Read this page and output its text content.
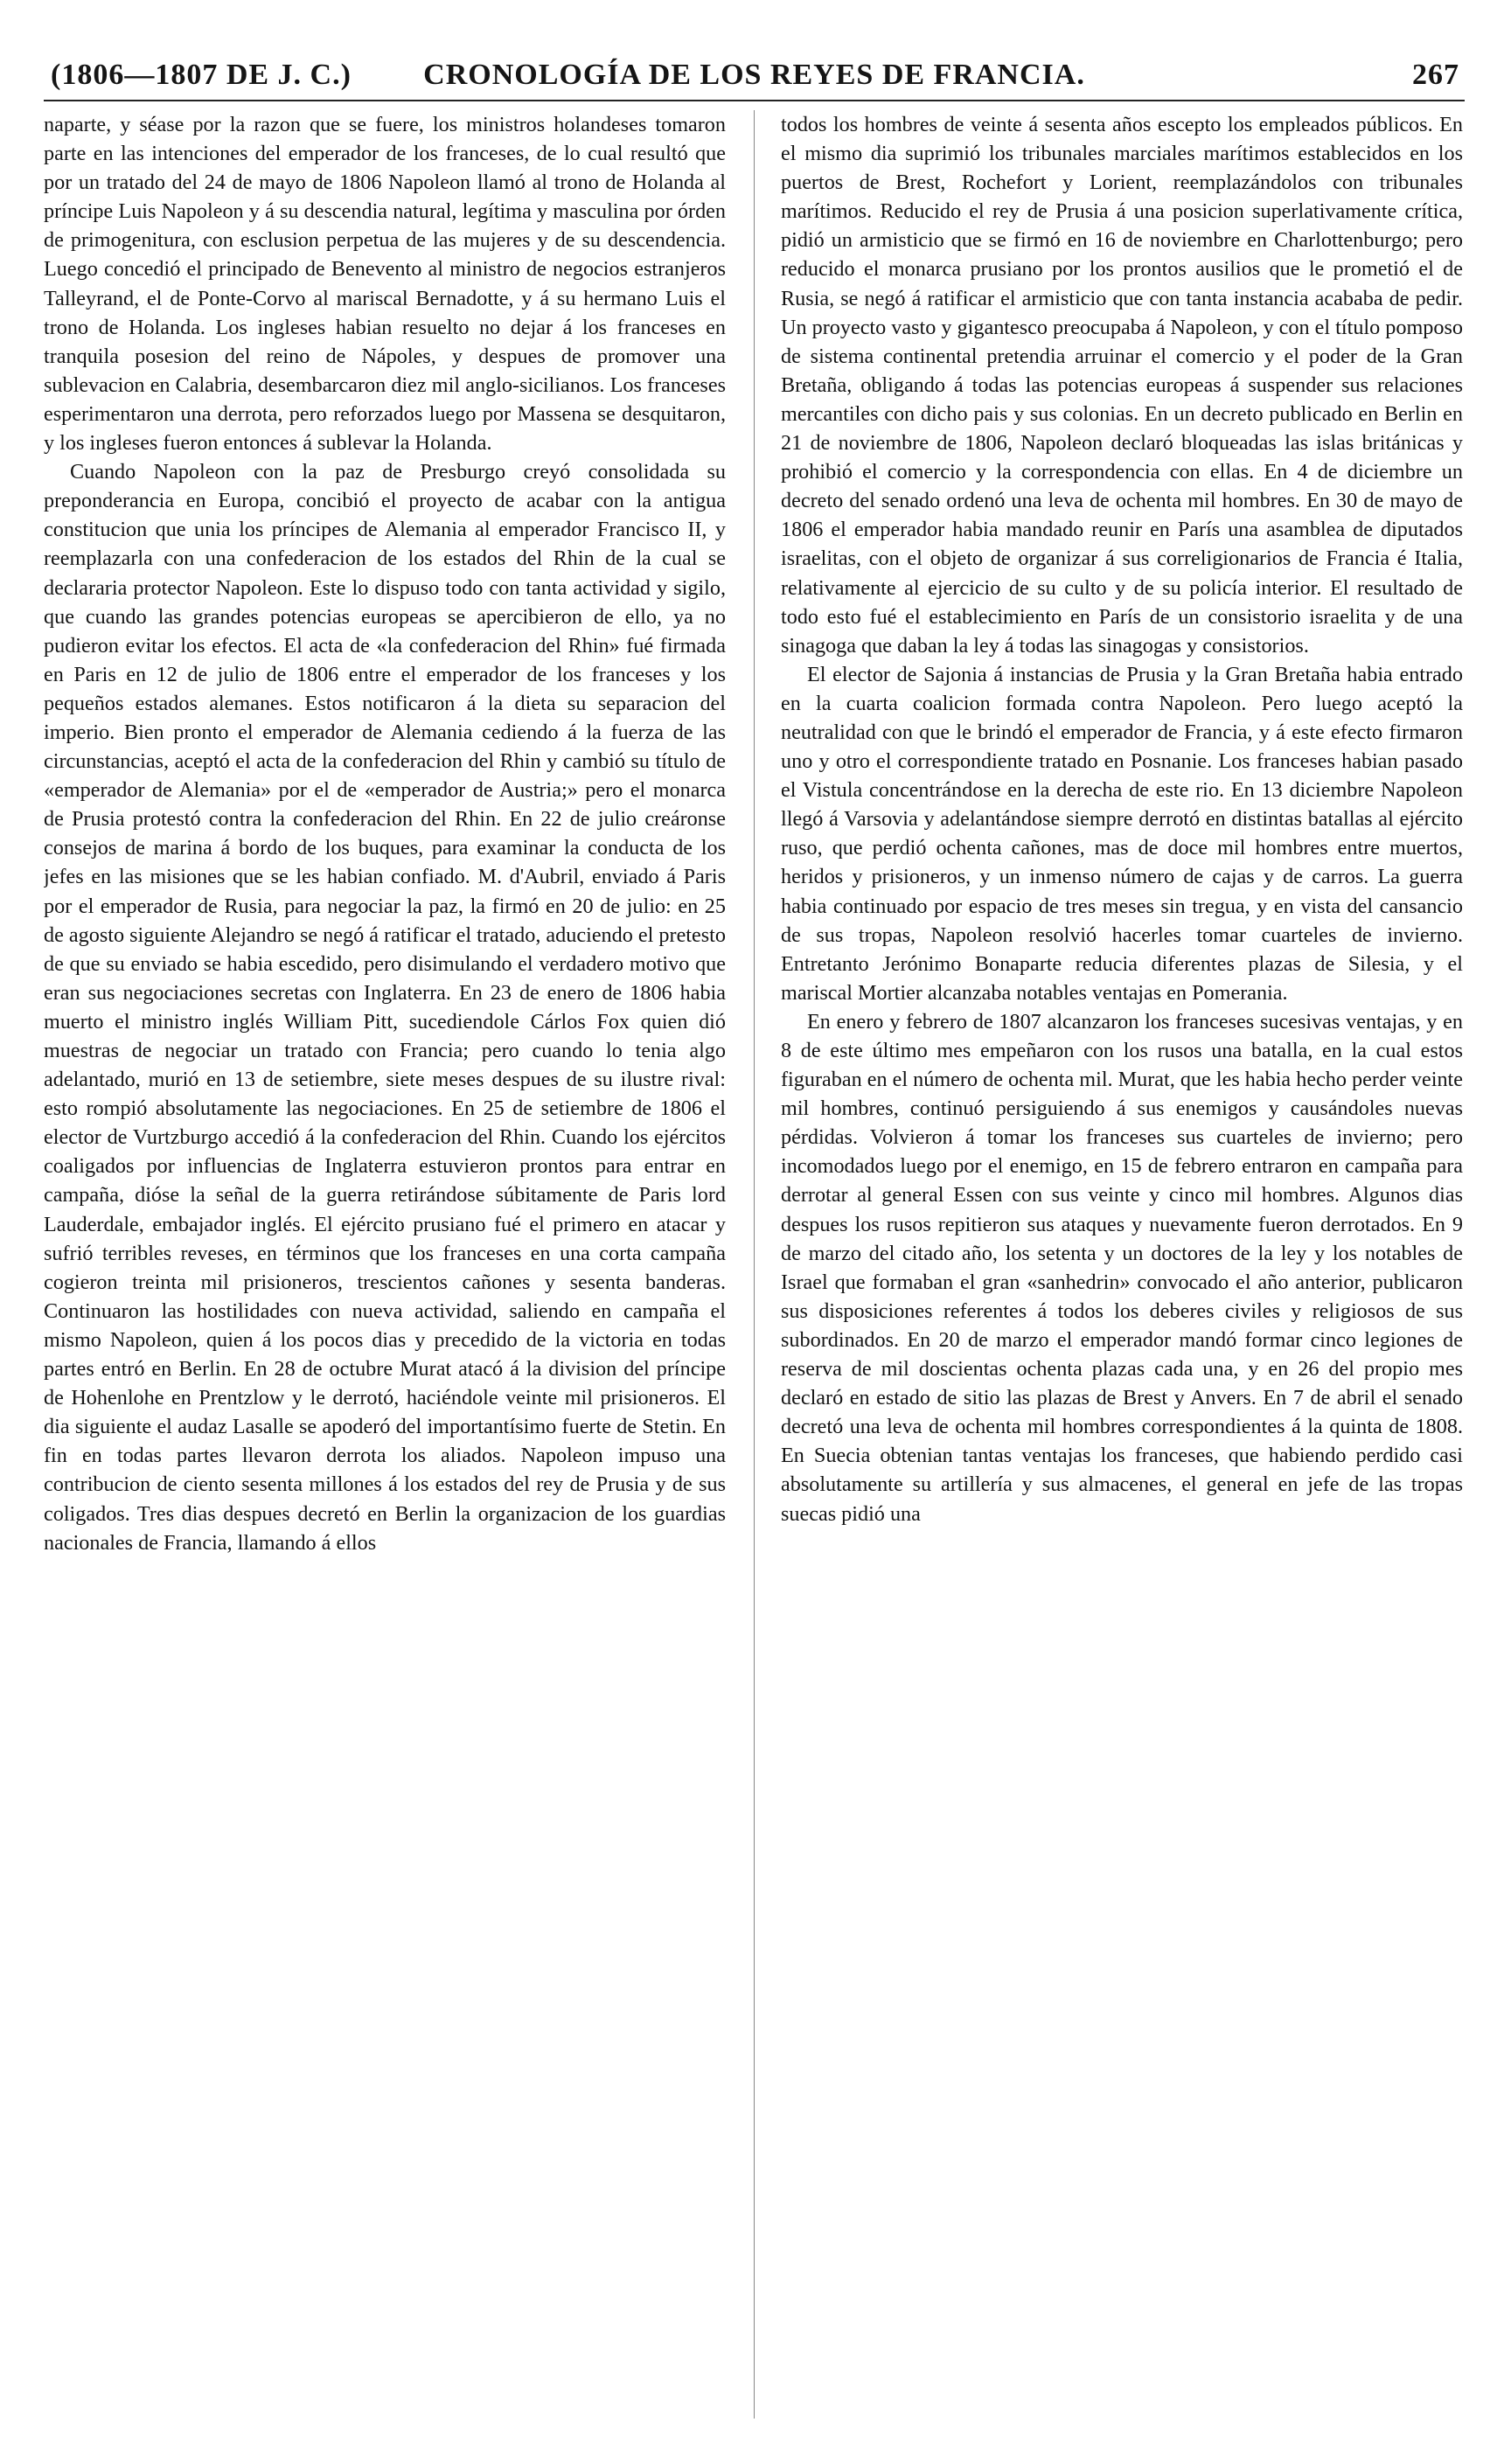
(1806—1807 DE J. C.)	CRONOLOGÍA DE LOS REYES DE FRANCIA.	267

naparte, y séase por la razon que se fuere, los ministros holandeses tomaron parte en las intenciones del emperador de los franceses, de lo cual resultó que por un tratado del 24 de mayo de 1806 Napoleon llamó al trono de Holanda al príncipe Luis Napoleon y á su descendia natural, legítima y masculina por órden de primogenitura, con esclusion perpetua de las mujeres y de su descendencia. Luego concedió el principado de Benevento al ministro de negocios estranjeros Talleyrand, el de Ponte-Corvo al mariscal Bernadotte, y á su hermano Luis el trono de Holanda. Los ingleses habian resuelto no dejar á los franceses en tranquila posesion del reino de Nápoles, y despues de promover una sublevacion en Calabria, desembarcaron diez mil anglo-sicilianos. Los franceses esperimentaron una derrota, pero reforzados luego por Massena se desquitaron, y los ingleses fueron entonces á sublevar la Holanda.

Cuando Napoleon con la paz de Presburgo creyó consolidada su preponderancia en Europa, concibió el proyecto de acabar con la antigua constitucion que unia los príncipes de Alemania al emperador Francisco II, y reemplazarla con una confederacion de los estados del Rhin de la cual se declararia protector Napoleon. Este lo dispuso todo con tanta actividad y sigilo, que cuando las grandes potencias europeas se apercibieron de ello, ya no pudieron evitar los efectos. El acta de «la confederacion del Rhin» fué firmada en Paris en 12 de julio de 1806 entre el emperador de los franceses y los pequeños estados alemanes. Estos notificaron á la dieta su separacion del imperio. Bien pronto el emperador de Alemania cediendo á la fuerza de las circunstancias, aceptó el acta de la confederacion del Rhin y cambió su título de «emperador de Alemania» por el de «emperador de Austria;» pero el monarca de Prusia protestó contra la confederacion del Rhin. En 22 de julio creáronse consejos de marina á bordo de los buques, para examinar la conducta de los jefes en las misiones que se les habian confiado. M. d'Aubril, enviado á Paris por el emperador de Rusia, para negociar la paz, la firmó en 20 de julio: en 25 de agosto siguiente Alejandro se negó á ratificar el tratado, aduciendo el pretesto de que su enviado se habia escedido, pero disimulando el verdadero motivo que eran sus negociaciones secretas con Inglaterra. En 23 de enero de 1806 habia muerto el ministro inglés William Pitt, sucediendole Cárlos Fox quien dió muestras de negociar un tratado con Francia; pero cuando lo tenia algo adelantado, murió en 13 de setiembre, siete meses despues de su ilustre rival: esto rompió absolutamente las negociaciones. En 25 de setiembre de 1806 el elector de Vurtzburgo accedió á la confederacion del Rhin. Cuando los ejércitos coaligados por influencias de Inglaterra estuvieron prontos para entrar en campaña, dióse la señal de la guerra retirándose súbitamente de Paris lord Lauderdale, embajador inglés. El ejército prusiano fué el primero en atacar y sufrió terribles reveses, en términos que los franceses en una corta campaña cogieron treinta mil prisioneros, trescientos cañones y sesenta banderas. Continuaron las hostilidades con nueva actividad, saliendo en campaña el mismo Napoleon, quien á los pocos dias y precedido de la victoria en todas partes entró en Berlin. En 28 de octubre Murat atacó á la division del príncipe de Hohenlohe en Prentzlow y le derrotó, haciéndole veinte mil prisioneros. El dia siguiente el audaz Lasalle se apoderó del importantísimo fuerte de Stetin. En fin en todas partes llevaron derrota los aliados. Napoleon impuso una contribucion de ciento sesenta millones á los estados del rey de Prusia y de sus coligados. Tres dias despues decretó en Berlin la organizacion de los guardias nacionales de Francia, llamando á ellos

todos los hombres de veinte á sesenta años escepto los empleados públicos. En el mismo dia suprimió los tribunales marciales marítimos establecidos en los puertos de Brest, Rochefort y Lorient, reemplazándolos con tribunales marítimos. Reducido el rey de Prusia á una posicion superlativamente crítica, pidió un armisticio que se firmó en 16 de noviembre en Charlottenburgo; pero reducido el monarca prusiano por los prontos ausilios que le prometió el de Rusia, se negó á ratificar el armisticio que con tanta instancia acababa de pedir. Un proyecto vasto y gigantesco preocupaba á Napoleon, y con el título pomposo de sistema continental pretendia arruinar el comercio y el poder de la Gran Bretaña, obligando á todas las potencias europeas á suspender sus relaciones mercantiles con dicho pais y sus colonias. En un decreto publicado en Berlin en 21 de noviembre de 1806, Napoleon declaró bloqueadas las islas británicas y prohibió el comercio y la correspondencia con ellas. En 4 de diciembre un decreto del senado ordenó una leva de ochenta mil hombres. En 30 de mayo de 1806 el emperador habia mandado reunir en París una asamblea de diputados israelitas, con el objeto de organizar á sus correligionarios de Francia é Italia, relativamente al ejercicio de su culto y de su policía interior. El resultado de todo esto fué el establecimiento en París de un consistorio israelita y de una sinagoga que daban la ley á todas las sinagogas y consistorios.

El elector de Sajonia á instancias de Prusia y la Gran Bretaña habia entrado en la cuarta coalicion formada contra Napoleon. Pero luego aceptó la neutralidad con que le brindó el emperador de Francia, y á este efecto firmaron uno y otro el correspondiente tratado en Posnanie. Los franceses habian pasado el Vistula concentrándose en la derecha de este rio. En 13 diciembre Napoleon llegó á Varsovia y adelantándose siempre derrotó en distintas batallas al ejército ruso, que perdió ochenta cañones, mas de doce mil hombres entre muertos, heridos y prisioneros, y un inmenso número de cajas y de carros. La guerra habia continuado por espacio de tres meses sin tregua, y en vista del cansancio de sus tropas, Napoleon resolvió hacerles tomar cuarteles de invierno. Entretanto Jerónimo Bonaparte reducia diferentes plazas de Silesia, y el mariscal Mortier alcanzaba notables ventajas en Pomerania.

En enero y febrero de 1807 alcanzaron los franceses sucesivas ventajas, y en 8 de este último mes empeñaron con los rusos una batalla, en la cual estos figuraban en el número de ochenta mil. Murat, que les habia hecho perder veinte mil hombres, continuó persiguiendo á sus enemigos y causándoles nuevas pérdidas. Volvieron á tomar los franceses sus cuarteles de invierno; pero incomodados luego por el enemigo, en 15 de febrero entraron en campaña para derrotar al general Essen con sus veinte y cinco mil hombres. Algunos dias despues los rusos repitieron sus ataques y nuevamente fueron derrotados. En 9 de marzo del citado año, los setenta y un doctores de la ley y los notables de Israel que formaban el gran «sanhedrin» convocado el año anterior, publicaron sus disposiciones referentes á todos los deberes civiles y religiosos de sus subordinados. En 20 de marzo el emperador mandó formar cinco legiones de reserva de mil doscientas ochenta plazas cada una, y en 26 del propio mes declaró en estado de sitio las plazas de Brest y Anvers. En 7 de abril el senado decretó una leva de ochenta mil hombres correspondientes á la quinta de 1808. En Suecia obtenian tantas ventajas los franceses, que habiendo perdido casi absolutamente su artillería y sus almacenes, el general en jefe de las tropas suecas pidió una
